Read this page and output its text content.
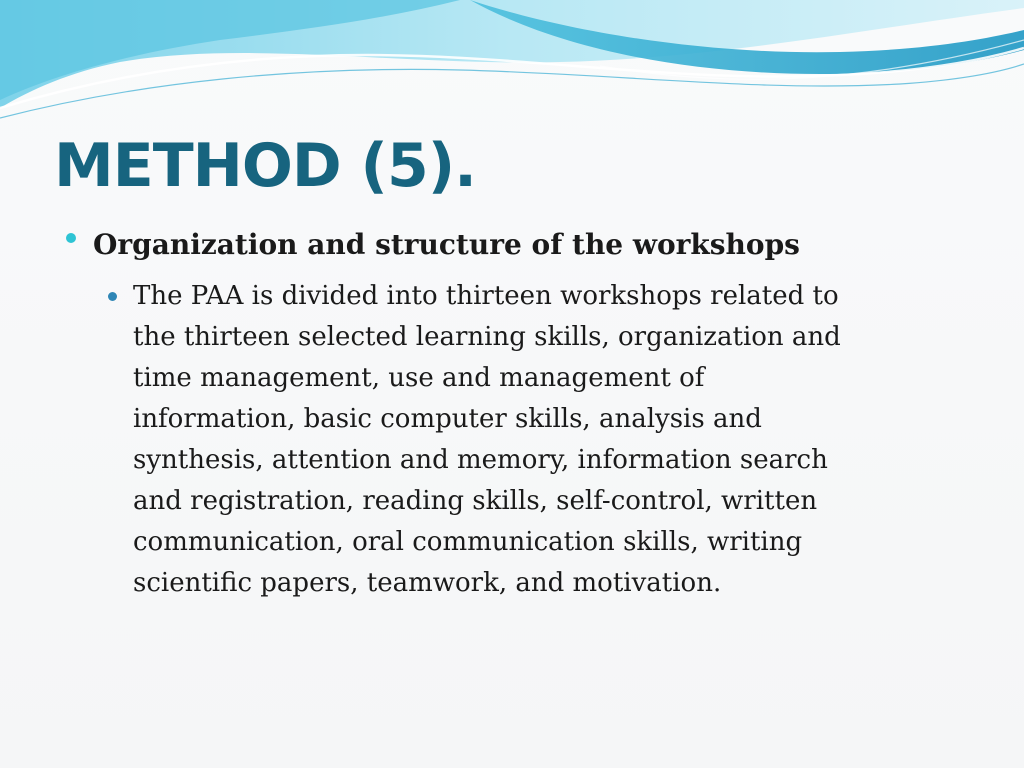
METHOD (5).
Organization and structure of the workshops
The PAA is divided into thirteen workshops related to
the thirteen selected learning skills, organization and
time management, use and management of
information, basic computer skills, analysis and
synthesis, attention and memory, information search
and registration, reading skills, self-control, written
communication, oral communication skills, writing
scientific papers, teamwork, and motivation.
